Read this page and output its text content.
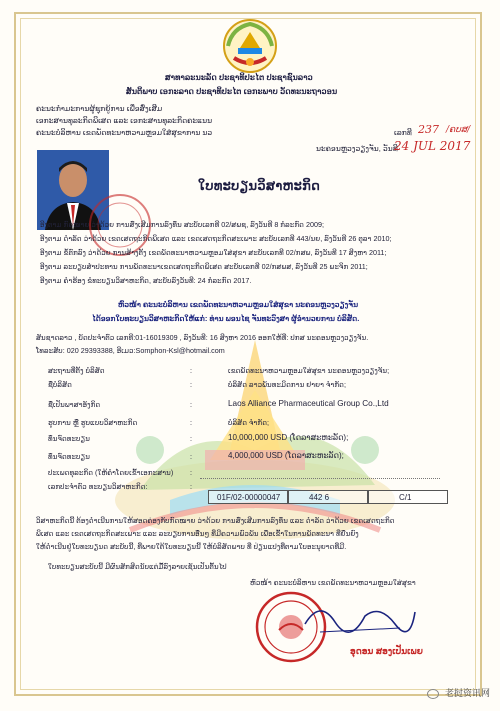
ສາທາລະນະລັດ ປະຊາທິປະໄຕ ປະຊາຊົນລາວ
ສັນຕິພາບ ເອກະລາດ ປະຊາທິປະໄຕ ເອກະພາບ ວັດທະນະຖາວອນ
ຄະນະກຳມະການຜູ້ຊຸກຍູ້ການ ເພື່ອສົ່ງເສີມ
ເອກະສານທຸລະກິດພິເສດ ແລະ ເອກະສານທຸລະກິດຄະແນນ
ຄະນະບໍລິຫານ ເຂດພັດທະນາຫວາມຫຼອມໃສ່ສຸຂາການ ນວ	ເລກທີ 237 /ຄບສ/
ນະຄອນຫຼວງວຽງຈັນ, ວັນທີ
24 JUL 2017
ໃບທະບຽນວິສາຫະກິດ
ອີງຕາມ ກົດໝາຍ ວ່າດ້ວຍ ການສົ່ງເສີມການລົງທຶນ ສະບັບເລກທີ 02/ສພຊ, ລົງວັນທີ 8 ກໍລະກົດ 2009;
ອີງຕາມ ດຳລັດ ວ່າດ້ວຍ ເຂດເສດຖະກິດພິເສດ ແລະ ເຂດເສດຖະກິດສະເພາະ ສະບັບເລກທີ 443/ນຍ, ລົງວັນທີ 26 ຕຸລາ 2010;
ອີງຕາມ ຂໍ້ຕົກລົງ ວ່າດ້ວຍ ການສ້າງຕັ້ງ ເຂດພັດທະນາຫວາມຫຼອມໃສ່ສຸຂາ ສະບັບເລກທີ 02/ກສພ, ລົງວັນທີ 17 ສິງຫາ 2011;
ອີງຕາມ ລະບຽບສຳປະທານ ການພັດທະນາເຂດເສດຖະກິດພິເສດ ສະບັບເລກທີ 02/ກສພສ, ລົງວັນທີ 25 ພະຈິກ 2011;
ອີງຕາມ ຄຳຮ້ອງ ຂໍທະບຽນວິສາຫະກິດ, ສະບັບລົງວັນທີ: 24 ກໍລະກົດ 2017.
ຫົວໜ້າ ຄະນະບໍລິຫານ ເຂດພັດທະນາຫວາມຫຼອມໃສ່ສຸຂາ ນະຄອນຫຼວງວຽງຈັນ
ໄດ້ອອກໃບທະບຽນວິສາຫະກິດໃຫ້ແກ່: ທ່ານ ພອນໄຊ ຈັນທະວົງສາ ຜູ້ອຳນວຍການ ບໍລິສັດ.
ສັນຊາດລາວ , ບັດປະຈຳຕົວ ເລກທີ:01-16019309 , ລົງວັນທີ: 16 ສິງຫາ 2016 ອອກໃຫ້ທີ່: ປກສ ນະຄອນຫຼວງວຽງຈັນ.
ໂທລະສັບ: 020 29393388, ອີເມວ:Somphon-Ksl@hotmail.com
ສະຖານທີ່ຕັ້ງ ບໍລິສັດ	:	ເຂດພັດທະນາຫວາມຫຼອມໃສ່ສຸຂາ ນະຄອນຫຼວງວຽງຈັນ;
ຊື່ບໍລິສັດ	:	ບໍລິສັດ ລາວພັນທະມິດການ ຢາຍາ ຈຳກັດ;
ຊື່ເປັນພາສາອັງກິດ	:	Laos Alliance Pharmaceutical Group Co.,Ltd
ຮູບການ ຫຼື ຮູບແບບວິສາຫະກິດ	:	ບໍລິສັດ ຈຳກັດ;
ທຶນຈົດທະບຽນ	:	10,000,000 USD (ໂດລາສະຫະລັດ);
ທຶນຈົດທະບຽນ	:	4,000,000 USD (ໂດລາສະຫະລັດ);
ປະເພດທຸລະກິດ (ໃຫ້ຄຳໂດຍເຂົ້າເອກະສານ) :
ເລກປະຈຳຕົວ ທະບຽນວິສາຫະກິດ:	:
01F/02-00000047	442 6	C/1
ວິສາຫະກິດນີ້ ຕ້ອງດຳເນີນການໃຫ້ສອດຄ່ອງກັບກົດໝາຍ ວ່າດ້ວຍ ການສົ່ງເສີມການລົງທຶນ ແລະ ດຳລັດ ວ່າດ້ວຍ ເຂດເສດຖະກິດ
ພິເສດ ແລະ ເຂດເສດຖະກິດສະເພາະ ແລະ ລະບຽບການອື່ນໆ ທີ່ມີຄວາມພົວພັນ ເພື່ອເຂົ້າໃນການພັດທະນາ ທີ່ຍືນຍົງ
ໃຫ້ດຳເນີນຢູ່ໃບທະບຽນດ ສະບັບນີ້, ທີ່ພາຍໃຕ້ໃບທະບຽນນີ້ ໃຫ້ບໍລິສັດພາບ ທີ່ ປ່ຽນແປງທີ່ຕາມໃບອະນຸຍາດທີ່ມີ.
ໃບທະບຽນສະບັບນີ້ ມີຜົນສັກສິດນັບແຕ່ມື້ລົງລາຍເຊັນເປັນຕົ້ນໄປ
ຫົວໜ້າ ຄະນະບໍລິຫານ ເຂດພັດທະນາຫວາມຫຼອມໃສ່ສຸຂາ
ອຸດອນ ສອງເປັນເພຍ
老挝资讯网
